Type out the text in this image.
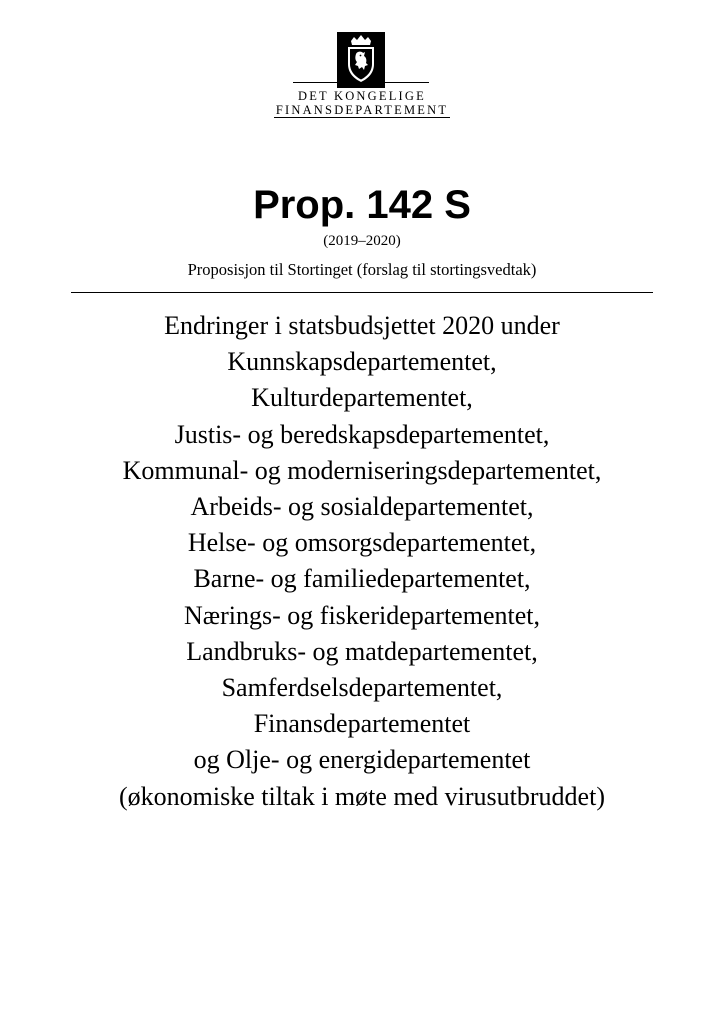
DET KONGELIGE
FINANSDEPARTEMENT
Prop. 142 S
(2019–2020)
Proposisjon til Stortinget (forslag til stortingsvedtak)
Endringer i statsbudsjettet 2020 under
Kunnskapsdepartementet,
Kulturdepartementet,
Justis- og beredskapsdepartementet,
Kommunal- og moderniseringsdepartementet,
Arbeids- og sosialdepartementet,
Helse- og omsorgsdepartementet,
Barne- og familiedepartementet,
Nærings- og fiskeridepartementet,
Landbruks- og matdepartementet,
Samferdselsdepartementet,
Finansdepartementet
og Olje- og energidepartementet
(økonomiske tiltak i møte med virusutbruddet)
